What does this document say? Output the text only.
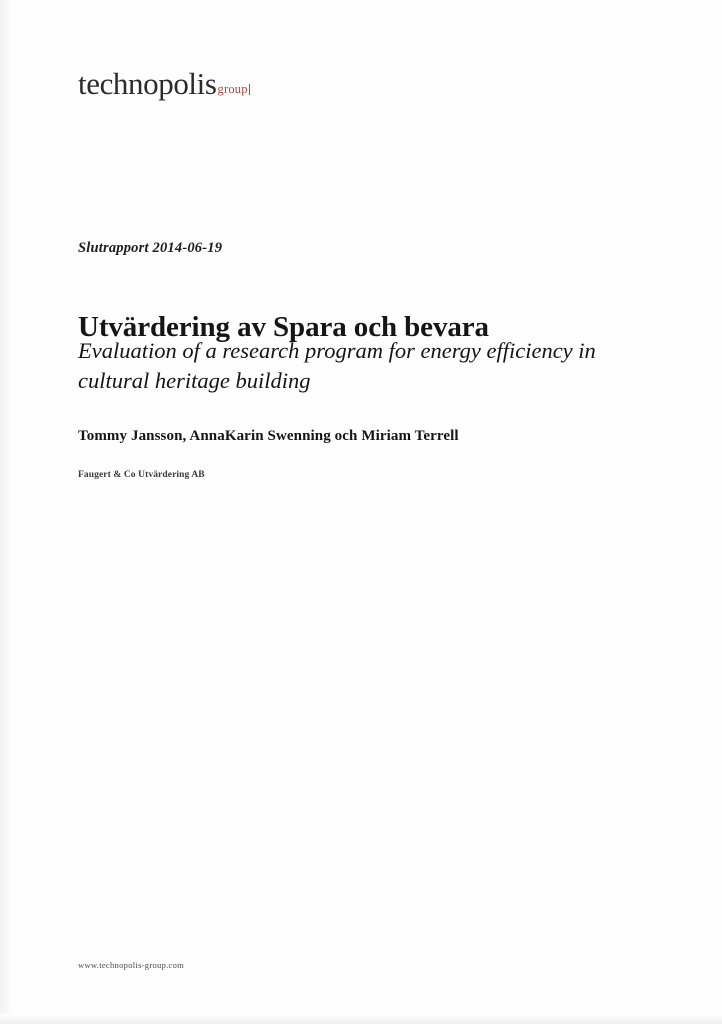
technopolis group
Slutrapport 2014-06-19
Utvärdering av Spara och bevara
Evaluation of a research program for energy efficiency in cultural heritage building
Tommy Jansson, AnnaKarin Swenning och Miriam Terrell
Faugert & Co Utvärdering AB
www.technopolis-group.com
